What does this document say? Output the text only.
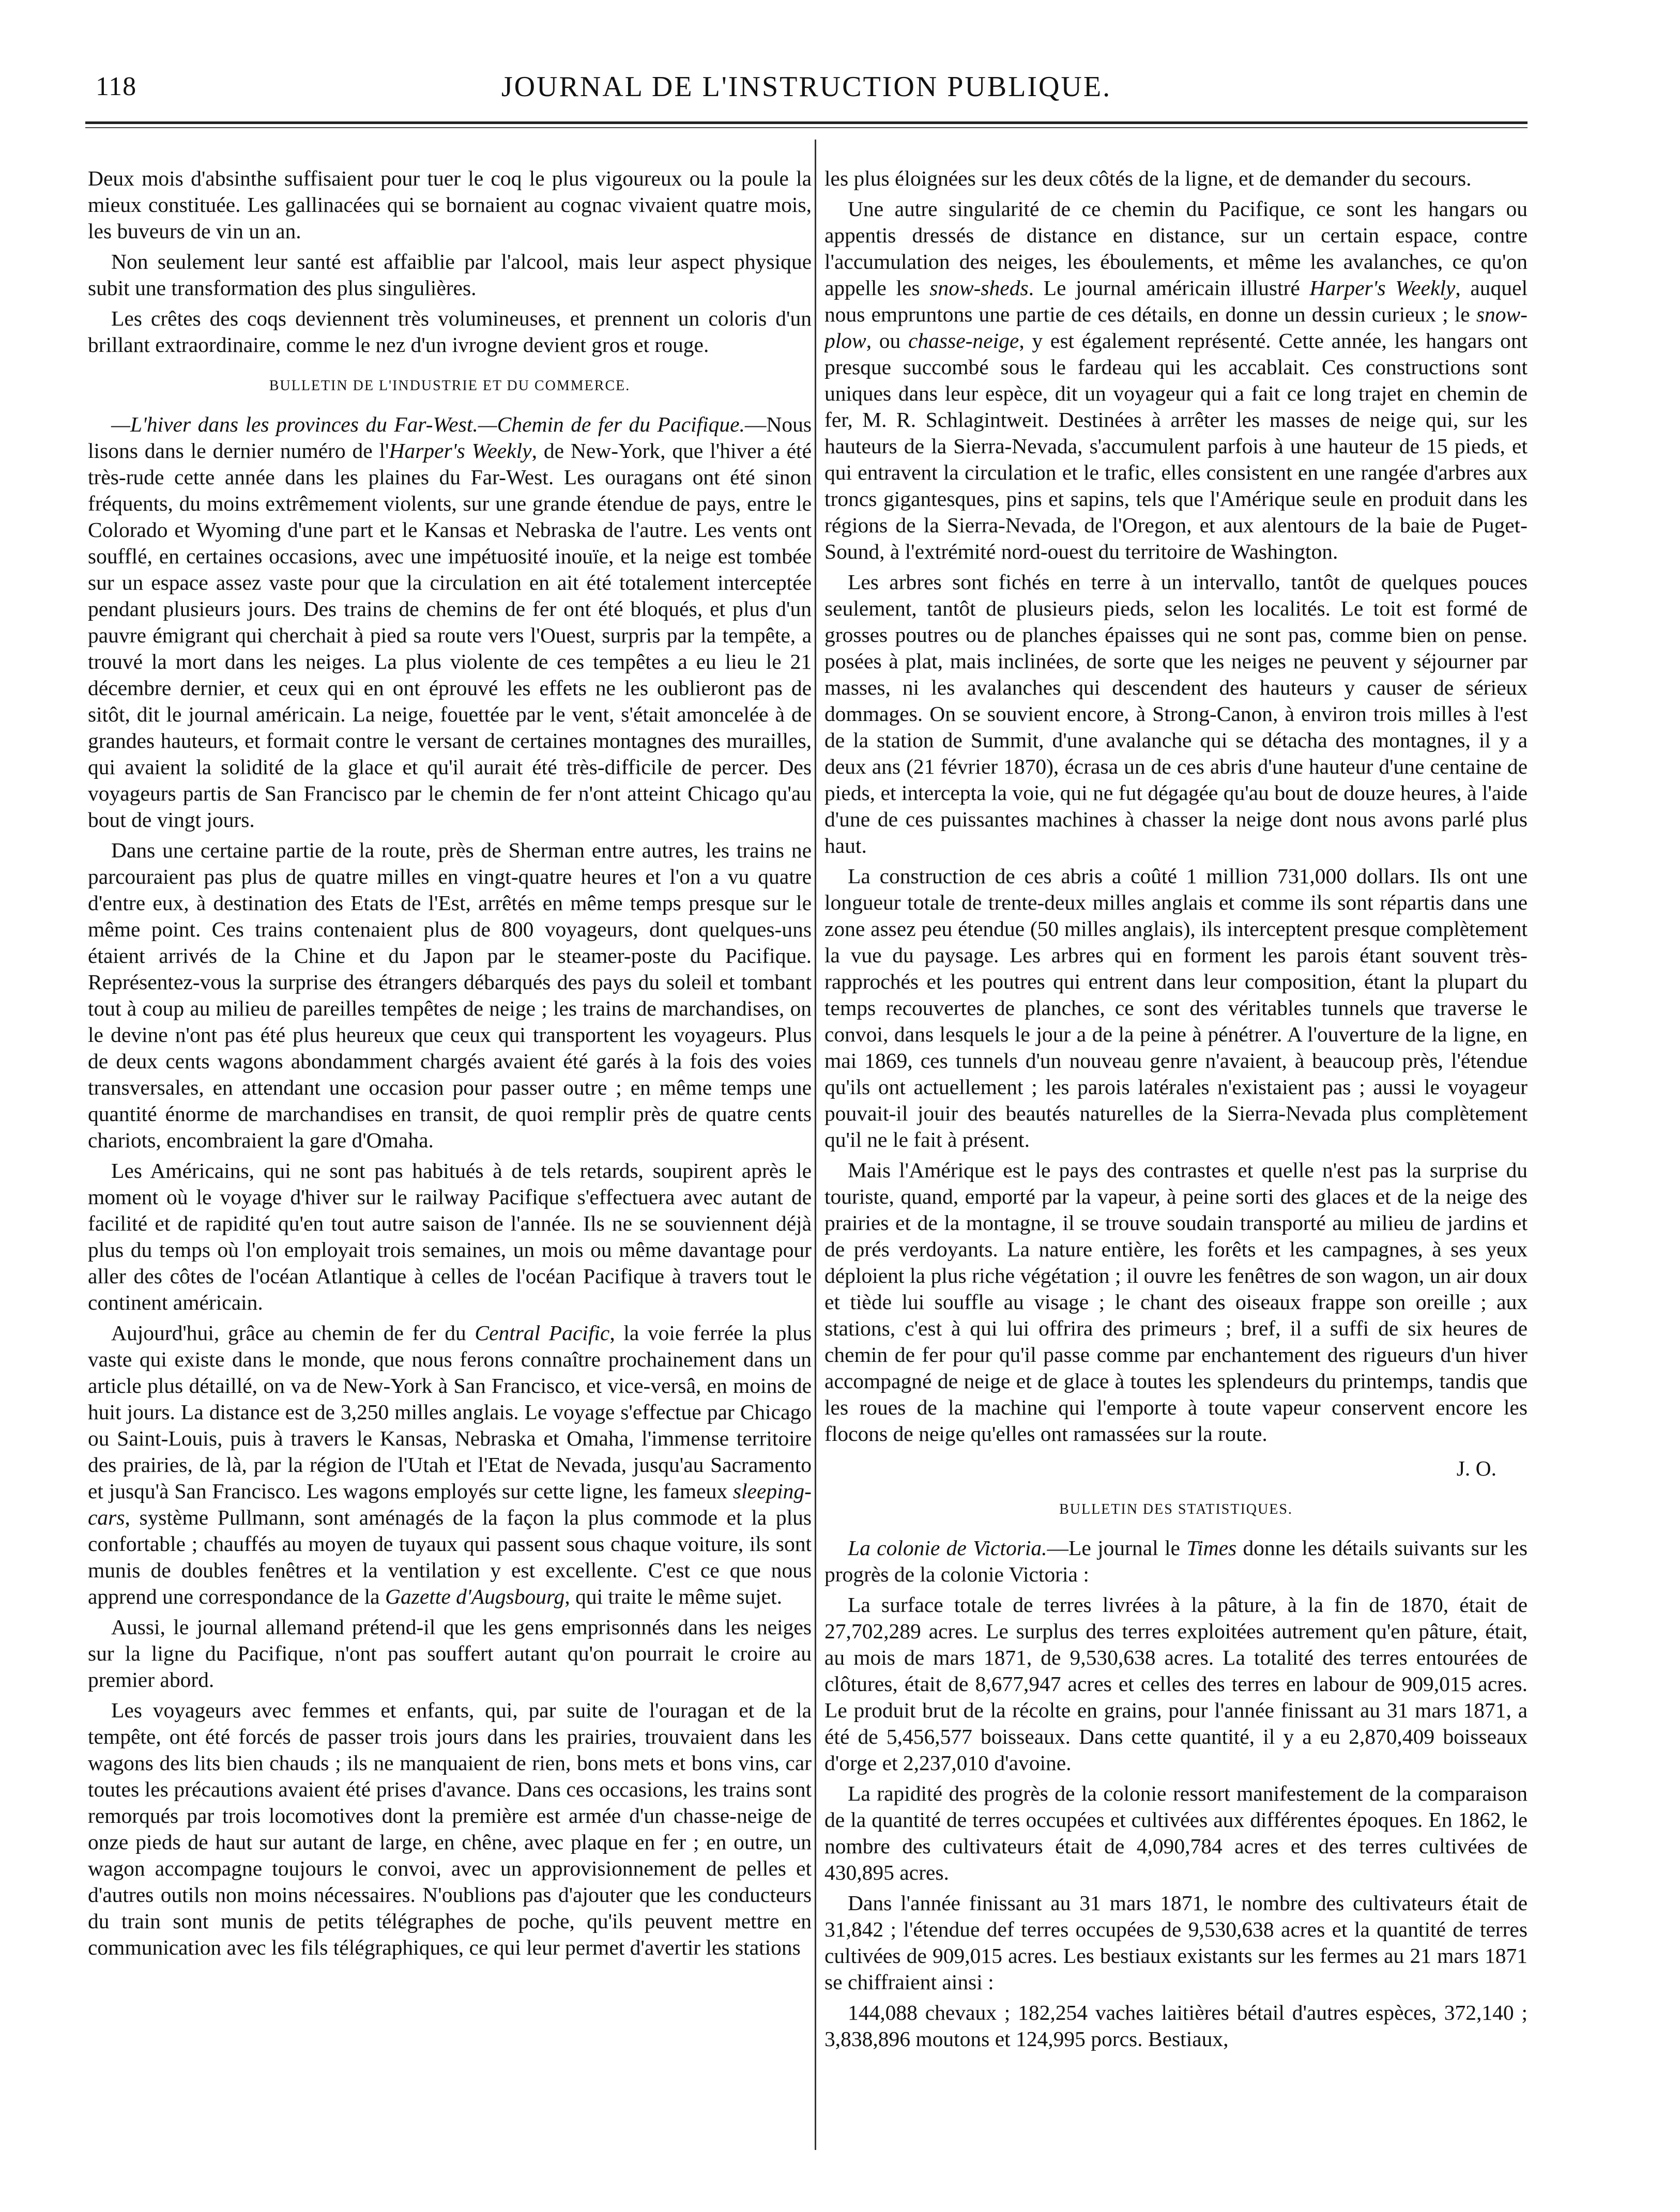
118	JOURNAL DE L'INSTRUCTION PUBLIQUE.

Deux mois d'absinthe suffisaient pour tuer le coq le plus vigoureux ou la poule la mieux constituée. Les gallinacées qui se bornaient au cognac vivaient quatre mois, les buveurs de vin un an.

Non seulement leur santé est affaiblie par l'alcool, mais leur aspect physique subit une transformation des plus singulières.

Les crêtes des coqs deviennent très volumineuses, et prennent un coloris d'un brillant extraordinaire, comme le nez d'un ivrogne devient gros et rouge.

BULLETIN DE L'INDUSTRIE ET DU COMMERCE.

—L'hiver dans les provinces du Far-West.—Chemin de fer du Pacifique.—Nous lisons dans le dernier numéro de l'Harper's Weekly, de New-York, que l'hiver a été très-rude cette année dans les plaines du Far-West. Les ouragans ont été sinon fréquents, du moins extrêmement violents, sur une grande étendue de pays, entre le Colorado et Wyoming d'une part et le Kansas et Nebraska de l'autre. Les vents ont soufflé, en certaines occasions, avec une impétuosité inouïe, et la neige est tombée sur un espace assez vaste pour que la circulation en ait été totalement interceptée pendant plusieurs jours. Des trains de chemins de fer ont été bloqués, et plus d'un pauvre émigrant qui cherchait à pied sa route vers l'Ouest, surpris par la tempête, a trouvé la mort dans les neiges. La plus violente de ces tempêtes a eu lieu le 21 décembre dernier, et ceux qui en ont éprouvé les effets ne les oublieront pas de sitôt, dit le journal américain. La neige, fouettée par le vent, s'était amoncelée à de grandes hauteurs, et formait contre le versant de certaines montagnes des murailles, qui avaient la solidité de la glace et qu'il aurait été très-difficile de percer. Des voyageurs partis de San Francisco par le chemin de fer n'ont atteint Chicago qu'au bout de vingt jours.

Dans une certaine partie de la route, près de Sherman entre autres, les trains ne parcouraient pas plus de quatre milles en vingt-quatre heures et l'on a vu quatre d'entre eux, à destination des Etats de l'Est, arrêtés en même temps presque sur le même point. Ces trains contenaient plus de 800 voyageurs, dont quelques-uns étaient arrivés de la Chine et du Japon par le steamer-poste du Pacifique. Représentez-vous la surprise des étrangers débarqués des pays du soleil et tombant tout à coup au milieu de pareilles tempêtes de neige ; les trains de marchandises, on le devine n'ont pas été plus heureux que ceux qui transportent les voyageurs. Plus de deux cents wagons abondamment chargés avaient été garés à la fois des voies transversales, en attendant une occasion pour passer outre ; en même temps une quantité énorme de marchandises en transit, de quoi remplir près de quatre cents chariots, encombraient la gare d'Omaha.

Les Américains, qui ne sont pas habitués à de tels retards, soupirent après le moment où le voyage d'hiver sur le railway Pacifique s'effectuera avec autant de facilité et de rapidité qu'en tout autre saison de l'année. Ils ne se souviennent déjà plus du temps où l'on employait trois semaines, un mois ou même davantage pour aller des côtes de l'océan Atlantique à celles de l'océan Pacifique à travers tout le continent américain.

Aujourd'hui, grâce au chemin de fer du Central Pacific, la voie ferrée la plus vaste qui existe dans le monde, que nous ferons connaître prochainement dans un article plus détaillé, on va de New-York à San Francisco, et vice-versâ, en moins de huit jours. La distance est de 3,250 milles anglais. Le voyage s'effectue par Chicago ou Saint-Louis, puis à travers le Kansas, Nebraska et Omaha, l'immense territoire des prairies, de là, par la région de l'Utah et l'Etat de Nevada, jusqu'au Sacramento et jusqu'à San Francisco. Les wagons employés sur cette ligne, les fameux sleeping-cars, système Pullmann, sont aménagés de la façon la plus commode et la plus confortable ; chauffés au moyen de tuyaux qui passent sous chaque voiture, ils sont munis de doubles fenêtres et la ventilation y est excellente. C'est ce que nous apprend une correspondance de la Gazette d'Augsbourg, qui traite le même sujet.

Aussi, le journal allemand prétend-il que les gens emprisonnés dans les neiges sur la ligne du Pacifique, n'ont pas souffert autant qu'on pourrait le croire au premier abord.

Les voyageurs avec femmes et enfants, qui, par suite de l'ouragan et de la tempête, ont été forcés de passer trois jours dans les prairies, trouvaient dans les wagons des lits bien chauds ; ils ne manquaient de rien, bons mets et bons vins, car toutes les précautions avaient été prises d'avance. Dans ces occasions, les trains sont remorqués par trois locomotives dont la première est armée d'un chasse-neige de onze pieds de haut sur autant de large, en chêne, avec plaque en fer ; en outre, un wagon accompagne toujours le convoi, avec un approvisionnement de pelles et d'autres outils non moins nécessaires. N'oublions pas d'ajouter que les conducteurs du train sont munis de petits télégraphes de poche, qu'ils peuvent mettre en communication avec les fils télégraphiques, ce qui leur permet d'avertir les stations

les plus éloignées sur les deux côtés de la ligne, et de demander du secours.

Une autre singularité de ce chemin du Pacifique, ce sont les hangars ou appentis dressés de distance en distance, sur un certain espace, contre l'accumulation des neiges, les éboulements, et même les avalanches, ce qu'on appelle les snow-sheds. Le journal américain illustré Harper's Weekly, auquel nous empruntons une partie de ces détails, en donne un dessin curieux ; le snow-plow, ou chasse-neige, y est également représenté. Cette année, les hangars ont presque succombé sous le fardeau qui les accablait. Ces constructions sont uniques dans leur espèce, dit un voyageur qui a fait ce long trajet en chemin de fer, M. R. Schlagintweit. Destinées à arrêter les masses de neige qui, sur les hauteurs de la Sierra-Nevada, s'accumulent parfois à une hauteur de 15 pieds, et qui entravent la circulation et le trafic, elles consistent en une rangée d'arbres aux troncs gigantesques, pins et sapins, tels que l'Amérique seule en produit dans les régions de la Sierra-Nevada, de l'Oregon, et aux alentours de la baie de Puget-Sound, à l'extrémité nord-ouest du territoire de Washington.

Les arbres sont fichés en terre à un intervallo, tantôt de quelques pouces seulement, tantôt de plusieurs pieds, selon les localités. Le toit est formé de grosses poutres ou de planches épaisses qui ne sont pas, comme bien on pense. posées à plat, mais inclinées, de sorte que les neiges ne peuvent y séjourner par masses, ni les avalanches qui descendent des hauteurs y causer de sérieux dommages. On se souvient encore, à Strong-Canon, à environ trois milles à l'est de la station de Summit, d'une avalanche qui se détacha des montagnes, il y a deux ans (21 février 1870), écrasa un de ces abris d'une hauteur d'une centaine de pieds, et intercepta la voie, qui ne fut dégagée qu'au bout de douze heures, à l'aide d'une de ces puissantes machines à chasser la neige dont nous avons parlé plus haut.

La construction de ces abris a coûté 1 million 731,000 dollars. Ils ont une longueur totale de trente-deux milles anglais et comme ils sont répartis dans une zone assez peu étendue (50 milles anglais), ils interceptent presque complètement la vue du paysage. Les arbres qui en forment les parois étant souvent très-rapprochés et les poutres qui entrent dans leur composition, étant la plupart du temps recouvertes de planches, ce sont des véritables tunnels que traverse le convoi, dans lesquels le jour a de la peine à pénétrer. A l'ouverture de la ligne, en mai 1869, ces tunnels d'un nouveau genre n'avaient, à beaucoup près, l'étendue qu'ils ont actuellement ; les parois latérales n'existaient pas ; aussi le voyageur pouvait-il jouir des beautés naturelles de la Sierra-Nevada plus complètement qu'il ne le fait à présent.

Mais l'Amérique est le pays des contrastes et quelle n'est pas la surprise du touriste, quand, emporté par la vapeur, à peine sorti des glaces et de la neige des prairies et de la montagne, il se trouve soudain transporté au milieu de jardins et de prés verdoyants. La nature entière, les forêts et les campagnes, à ses yeux déploient la plus riche végétation ; il ouvre les fenêtres de son wagon, un air doux et tiède lui souffle au visage ; le chant des oiseaux frappe son oreille ; aux stations, c'est à qui lui offrira des primeurs ; bref, il a suffi de six heures de chemin de fer pour qu'il passe comme par enchantement des rigueurs d'un hiver accompagné de neige et de glace à toutes les splendeurs du printemps, tandis que les roues de la machine qui l'emporte à toute vapeur conservent encore les flocons de neige qu'elles ont ramassées sur la route.

J. O.
BULLETIN DES STATISTIQUES.

La colonie de Victoria.—Le journal le Times donne les détails suivants sur les progrès de la colonie Victoria :

La surface totale de terres livrées à la pâture, à la fin de 1870, était de 27,702,289 acres. Le surplus des terres exploitées autrement qu'en pâture, était, au mois de mars 1871, de 9,530,638 acres. La totalité des terres entourées de clôtures, était de 8,677,947 acres et celles des terres en labour de 909,015 acres. Le produit brut de la récolte en grains, pour l'année finissant au 31 mars 1871, a été de 5,456,577 boisseaux. Dans cette quantité, il y a eu 2,870,409 boisseaux d'orge et 2,237,010 d'avoine.

La rapidité des progrès de la colonie ressort manifestement de la comparaison de la quantité de terres occupées et cultivées aux différentes époques. En 1862, le nombre des cultivateurs était de 4,090,784 acres et des terres cultivées de 430,895 acres.

Dans l'année finissant au 31 mars 1871, le nombre des cultivateurs était de 31,842 ; l'étendue def terres occupées de 9,530,638 acres et la quantité de terres cultivées de 909,015 acres. Les bestiaux existants sur les fermes au 21 mars 1871 se chiffraient ainsi :

144,088 chevaux ; 182,254 vaches laitières bétail d'autres espèces, 372,140 ; 3,838,896 moutons et 124,995 porcs. Bestiaux,
